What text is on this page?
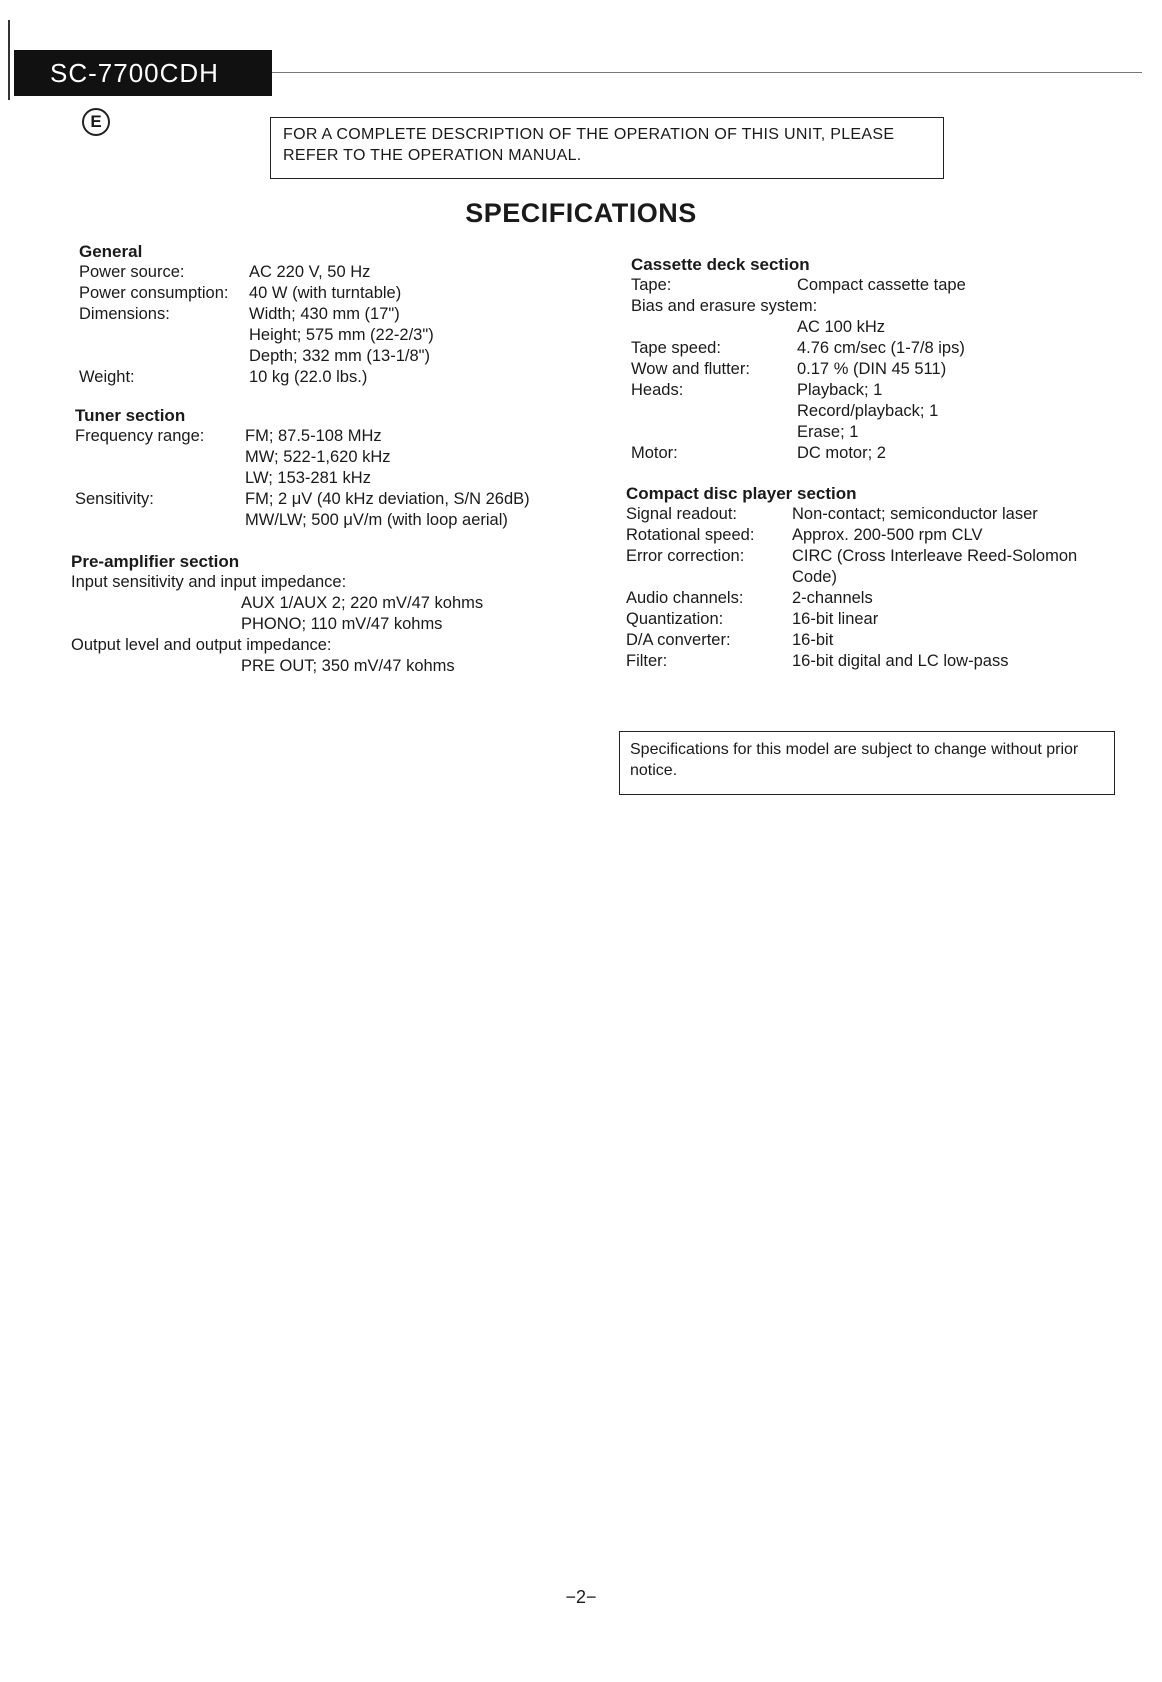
SC-7700CDH
E
FOR A COMPLETE DESCRIPTION OF THE OPERATION OF THIS UNIT, PLEASE REFER TO THE OPERATION MANUAL.
SPECIFICATIONS
General
Power source:	AC 220 V, 50 Hz
Power consumption:	40 W (with turntable)
Dimensions:	Width; 430 mm (17")
Height; 575 mm (22-2/3")
Depth; 332 mm (13-1/8")
Weight:	10 kg (22.0 lbs.)
Tuner section
Frequency range:	FM; 87.5-108 MHz
MW; 522-1,620 kHz
LW; 153-281 kHz
Sensitivity:	FM; 2 μV (40 kHz deviation, S/N 26dB)
MW/LW; 500 μV/m (with loop aerial)
Pre-amplifier section
Input sensitivity and input impedance:
AUX 1/AUX 2; 220 mV/47 kohms
PHONO; 110 mV/47 kohms
Output level and output impedance:
PRE OUT; 350 mV/47 kohms
Cassette deck section
Tape:	Compact cassette tape
Bias and erasure system:
AC 100 kHz
Tape speed:	4.76 cm/sec (1-7/8 ips)
Wow and flutter:	0.17 % (DIN 45 511)
Heads:	Playback; 1
Record/playback; 1
Erase; 1
Motor:	DC motor; 2
Compact disc player section
Signal readout:	Non-contact; semiconductor laser
Rotational speed:	Approx. 200-500 rpm CLV
Error correction:	CIRC (Cross Interleave Reed-Solomon
Code)
Audio channels:	2-channels
Quantization:	16-bit linear
D/A converter:	16-bit
Filter:	16-bit digital and LC low-pass
Specifications for this model are subject to change without prior notice.
−2−
